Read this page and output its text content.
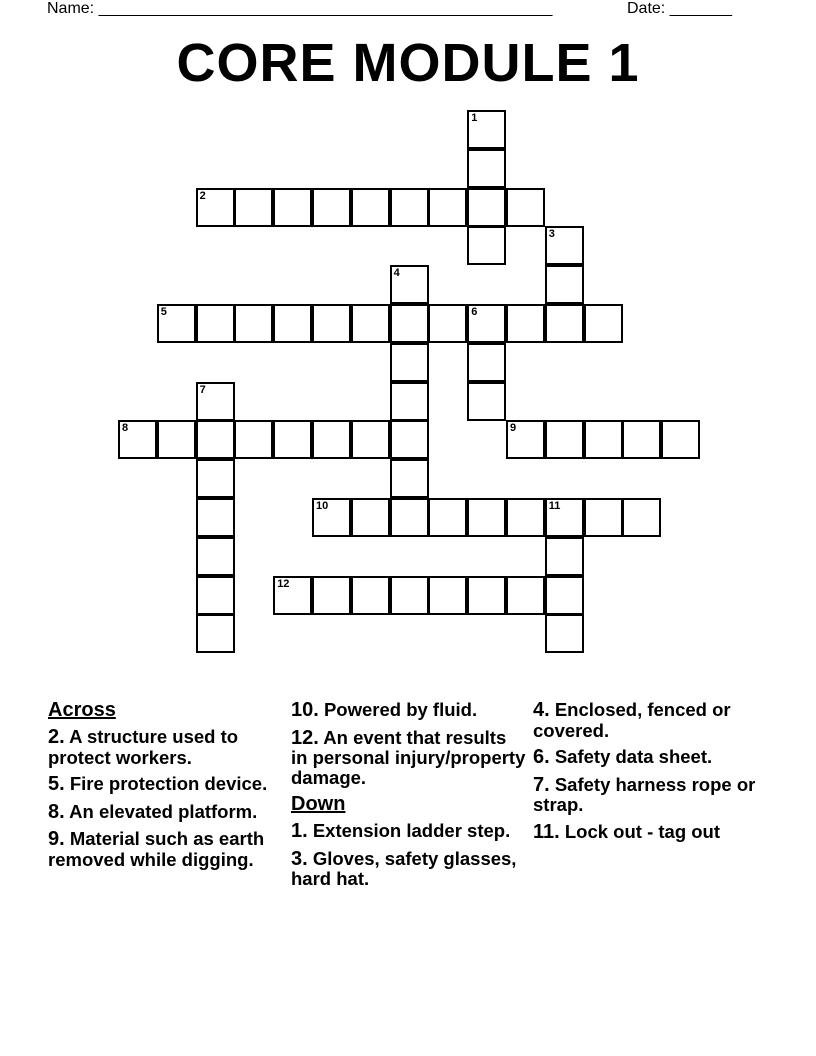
Name: ___________________________________________________	Date: _______
CORE MODULE 1
1
2
3
4
5	6
7
8	9
10	11
12
Across
2. A structure used to protect workers.
5. Fire protection device.
8. An elevated platform.
9. Material such as earth removed while digging.
10. Powered by fluid.
12. An event that results in personal injury/property damage.
Down
1. Extension ladder step.
3. Gloves, safety glasses, hard hat.
4. Enclosed, fenced or covered.
6. Safety data sheet.
7. Safety harness rope or strap.
11. Lock out - tag out
